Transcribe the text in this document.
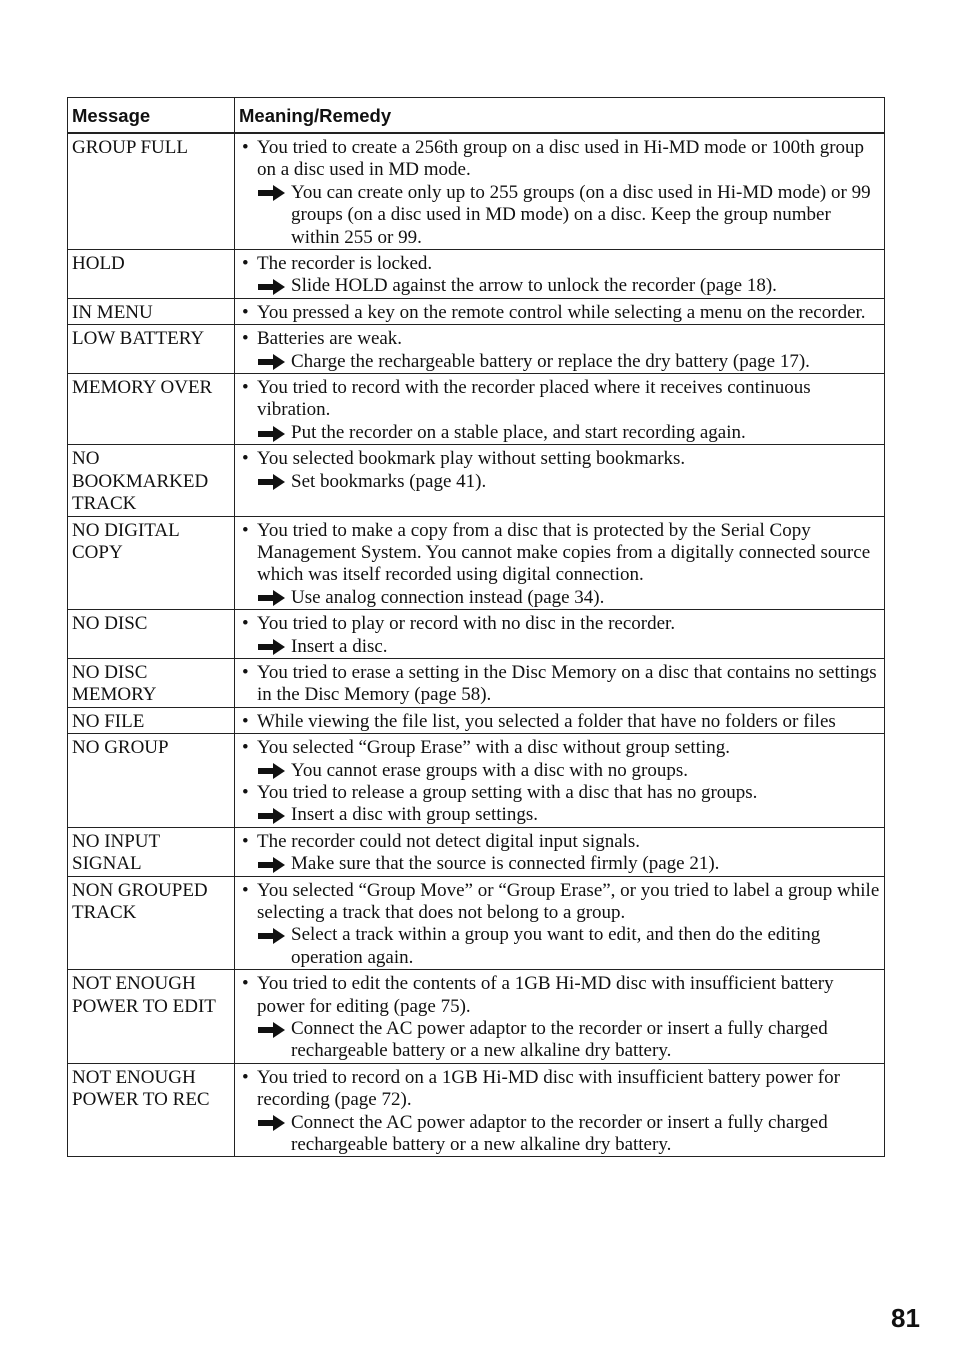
Message	Meaning/Remedy
GROUP FULL	• You tried to create a 256th group on a disc used in Hi-MD mode or 100th group on a disc used in MD mode.
You can create only up to 255 groups (on a disc used in Hi-MD mode) or 99 groups (on a disc used in MD mode) on a disc. Keep the group number within 255 or 99.

HOLD	• The recorder is locked.
Slide HOLD against the arrow to unlock the recorder (page 18).

IN MENU	• You pressed a key on the remote control while selecting a menu on the recorder.

LOW BATTERY	• Batteries are weak.
Charge the rechargeable battery or replace the dry battery (page 17).

MEMORY OVER	• You tried to record with the recorder placed where it receives continuous vibration.
Put the recorder on a stable place, and start recording again.

NO BOOKMARKED TRACK	• You selected bookmark play without setting bookmarks.
Set bookmarks (page 41).

NO DIGITAL COPY	• You tried to make a copy from a disc that is protected by the Serial Copy Management System. You cannot make copies from a digitally connected source which was itself recorded using digital connection.
Use analog connection instead (page 34).

NO DISC	• You tried to play or record with no disc in the recorder.
Insert a disc.

NO DISC MEMORY	• You tried to erase a setting in the Disc Memory on a disc that contains no settings in the Disc Memory (page 58).

NO FILE	• While viewing the file list, you selected a folder that have no folders or files

NO GROUP	• You selected “Group Erase” with a disc without group setting.
You cannot erase groups with a disc with no groups.
• You tried to release a group setting with a disc that has no groups.
Insert a disc with group settings.

NO INPUT SIGNAL	• The recorder could not detect digital input signals.
Make sure that the source is connected firmly (page 21).

NON GROUPED TRACK	• You selected “Group Move” or “Group Erase”, or you tried to label a group while selecting a track that does not belong to a group.
Select a track within a group you want to edit, and then do the editing operation again.

NOT ENOUGH POWER TO EDIT	• You tried to edit the contents of a 1GB Hi-MD disc with insufficient battery power for editing (page 75).
Connect the AC power adaptor to the recorder or insert a fully charged rechargeable battery or a new alkaline dry battery.

NOT ENOUGH POWER TO REC	• You tried to record on a 1GB Hi-MD disc with insufficient battery power for recording (page 72).
Connect the AC power adaptor to the recorder or insert a fully charged rechargeable battery or a new alkaline dry battery.
81
